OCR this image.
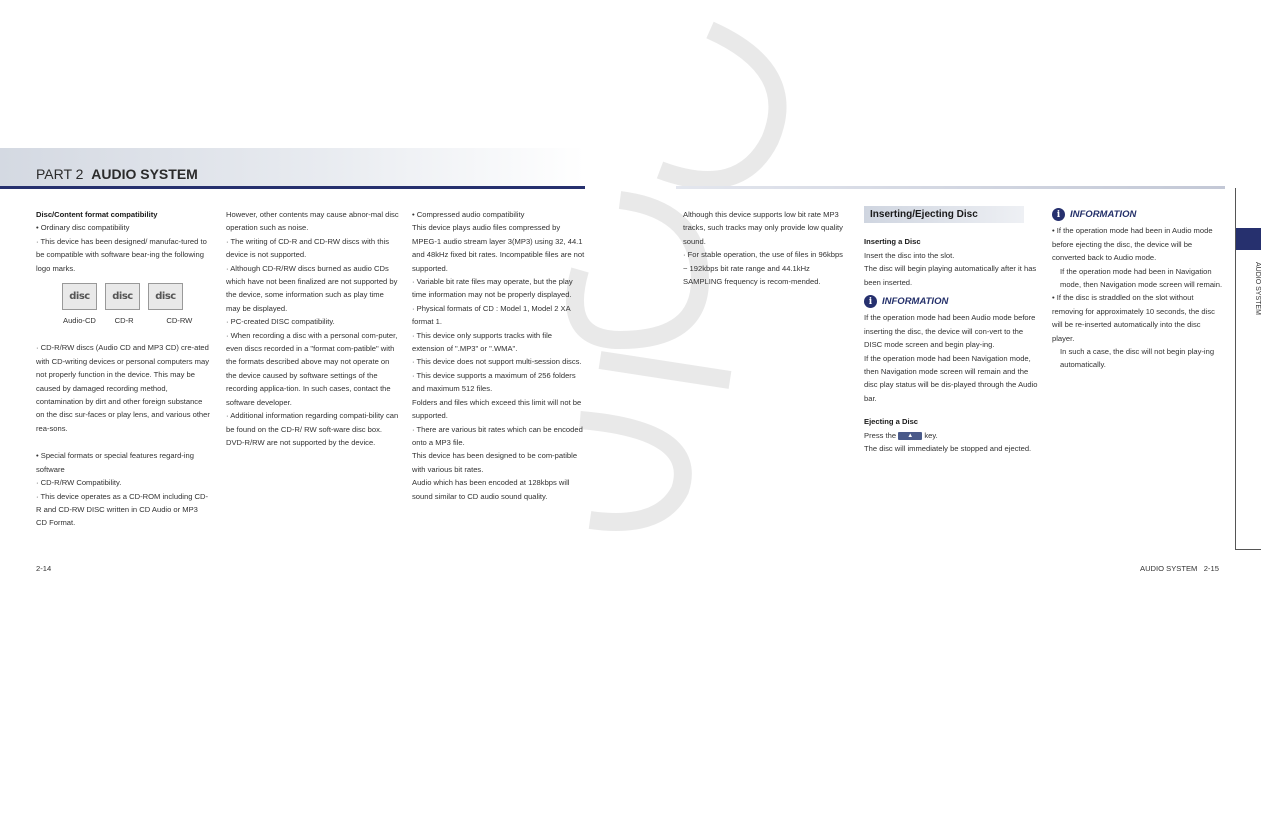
PART 2 AUDIO SYSTEM

Disc/Content format compatibility

• Ordinary disc compatibility

· This device has been designed/ manufac-tured to be compatible with software bear-ing the following logo marks.

disc	disc	disc
Audio-CD	CD-R	CD-RW

· CD-R/RW discs (Audio CD and MP3 CD) cre-ated with CD-writing devices or personal computers may not properly function in the device. This may be caused by damaged recording method, contamination by dirt and other foreign substance on the disc sur-faces or play lens, and various other rea-sons.

• Special formats or special features regard-ing software

· CD-R/RW Compatibility.

· This device operates as a CD-ROM including CD-R and CD-RW DISC written in CD Audio or MP3 CD Format.

However, other contents may cause abnor-mal disc operation such as noise.

· The writing of CD-R and CD-RW discs with this device is not supported.

· Although CD-R/RW discs burned as audio CDs which have not been finalized are not supported by the device, some information such as play time may be displayed.

· PC-created DISC compatibility.

· When recording a disc with a personal com-puter, even discs recorded in a "format com-patible" with the formats described above may not operate on the device caused by software settings of the recording applica-tion. In such cases, contact the software developer.

· Additional information regarding compati-bility can be found on the CD-R/ RW soft-ware disc box.

DVD-R/RW are not supported by the device.

• Compressed audio compatibility

This device plays audio files compressed by MPEG-1 audio stream layer 3(MP3) using 32, 44.1 and 48kHz fixed bit rates. Incompatible files are not supported.

· Variable bit rate files may operate, but the play time information may not be properly displayed.

· Physical formats of CD : Model 1, Model 2 XA format 1.

· This device only supports tracks with file extension of ".MP3" or ".WMA".

· This device does not support multi-session discs.

· This device supports a maximum of 256 folders and maximum 512 files.

Folders and files which exceed this limit will not be supported.

· There are various bit rates which can be encoded onto a MP3 file.

This device has been designed to be com-patible with various bit rates.

Audio which has been encoded at 128kbps will sound similar to CD audio sound quality.

Although this device supports low bit rate MP3 tracks, such tracks may only provide low quality sound.

· For stable operation, the use of files in 96kbps ~ 192kbps bit rate range and 44.1kHz SAMPLING frequency is recom-mended.

Inserting/Ejecting Disc

Inserting a Disc

Insert the disc into the slot.

The disc will begin playing automatically after it has been inserted.

i	INFORMATION

If the operation mode had been Audio mode before inserting the disc, the device will con-vert to the DISC mode screen and begin play-ing.

If the operation mode had been Navigation mode, then Navigation mode screen will remain and the disc play status will be dis-played through the Audio bar.

Ejecting a Disc

Press the ▲ key.

The disc will immediately be stopped and ejected.

i	INFORMATION

• If the operation mode had been in Audio mode before ejecting the disc, the device will be converted back to Audio mode.

If the operation mode had been in Navigation mode, then Navigation mode screen will remain.

• If the disc is straddled on the slot without removing for approximately 10 seconds, the disc will be re-inserted automatically into the disc player.

In such a case, the disc will not begin play-ing automatically.

AUDIO SYSTEM
2-14	AUDIO SYSTEM   2-15
